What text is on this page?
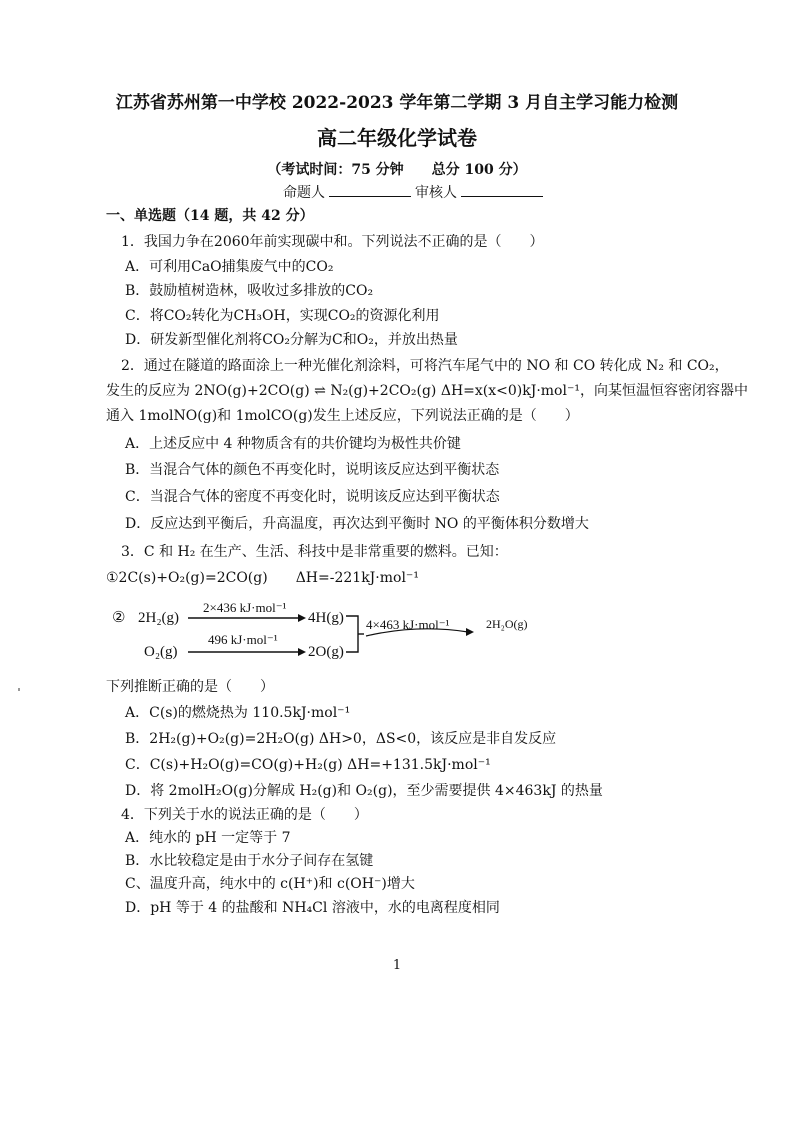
江苏省苏州第一中学校 2022-2023 学年第二学期 3 月自主学习能力检测
高二年级化学试卷
（考试时间：75 分钟　　总分 100 分）
命题人	审核人
一、单选题（14 题，共 42 分）
1．我国力争在2060年前实现碳中和。下列说法不正确的是（　　）
A．可利用CaO捕集废气中的CO₂
B．鼓励植树造林，吸收过多排放的CO₂
C．将CO₂转化为CH₃OH，实现CO₂的资源化利用
D．研发新型催化剂将CO₂分解为C和O₂，并放出热量
2．通过在隧道的路面涂上一种光催化剂涂料，可将汽车尾气中的 NO 和 CO 转化成 N₂ 和 CO₂，
发生的反应为 2NO(g)+2CO(g) ⇌ N₂(g)+2CO₂(g) ΔH=x(x<0)kJ·mol⁻¹，向某恒温恒容密闭容器中
通入 1molNO(g)和 1molCO(g)发生上述反应，下列说法正确的是（　　）
A．上述反应中 4 种物质含有的共价键均为极性共价键
B．当混合气体的颜色不再变化时，说明该反应达到平衡状态
C．当混合气体的密度不再变化时，说明该反应达到平衡状态
D．反应达到平衡后，升高温度，再次达到平衡时 NO 的平衡体积分数增大
3．C 和 H₂ 在生产、生活、科技中是非常重要的燃料。已知：
①2C(s)+O₂(g)=2CO(g)　　ΔH=-221kJ·mol⁻¹
② 2H₂(g)
2×436 kJ·mol⁻¹
4H(g)
O₂(g)
496 kJ·mol⁻¹
2O(g)
4×463 kJ·mol⁻¹	2H₂O(g)
下列推断正确的是（　　）
A．C(s)的燃烧热为 110.5kJ·mol⁻¹
B．2H₂(g)+O₂(g)=2H₂O(g) ΔH>0，ΔS<0，该反应是非自发反应
C．C(s)+H₂O(g)=CO(g)+H₂(g) ΔH=+131.5kJ·mol⁻¹
D．将 2molH₂O(g)分解成 H₂(g)和 O₂(g)，至少需要提供 4×463kJ 的热量
4．下列关于水的说法正确的是（　　）
A．纯水的 pH 一定等于 7
B．水比较稳定是由于水分子间存在氢键
C、温度升高，纯水中的 c(H⁺)和 c(OH⁻)增大
D．pH 等于 4 的盐酸和 NH₄Cl 溶液中，水的电离程度相同
1
